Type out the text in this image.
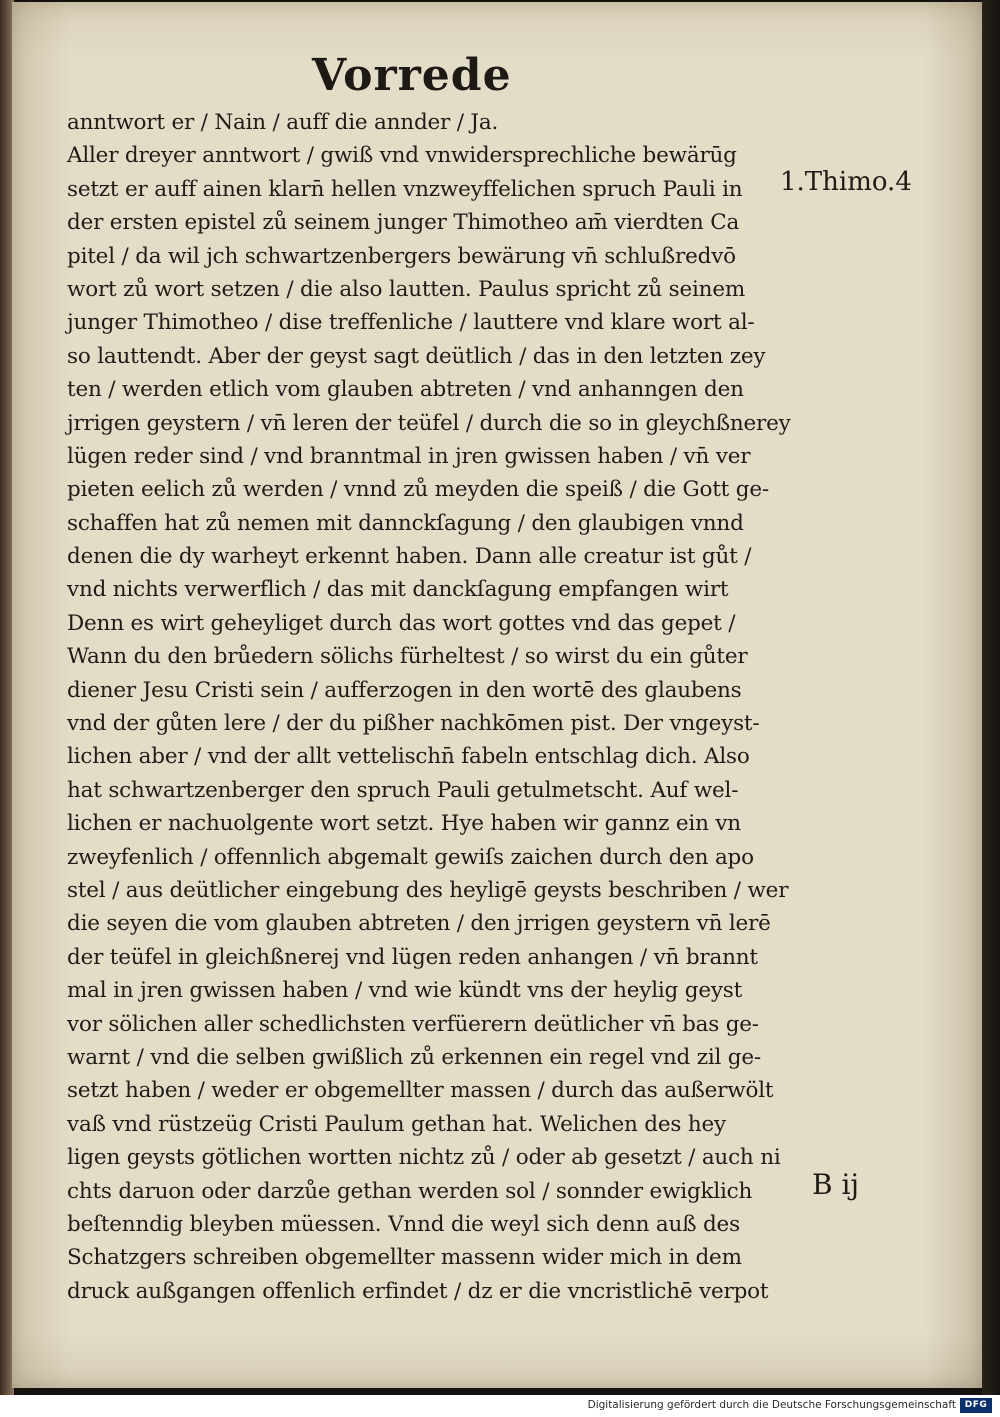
Vorrede
anntwort er / Nain / auff die annder / Ja.
Aller dreyer anntwort / gwiß vnd vnwidersprechliche bewärūg
setzt er auff ainen klarn̄ hellen vnzweyffelichen spruch Pauli in
der ersten epistel zů seinem junger Thimotheo am̄ vierdten Ca
pitel / da wil jch schwartzenbergers bewärung vn̄ schlußredvō
wort zů wort setzen / die also lautten. Paulus spricht zů seinem
junger Thimotheo / dise treffenliche / lauttere vnd klare wort al-
so lauttendt. Aber der geyst sagt deütlich / das in den letzten zey
ten / werden etlich vom glauben abtreten / vnd anhanngen den
jrrigen geystern / vn̄ leren der teüfel / durch die so in gleychßnerey
lügen reder sind / vnd branntmal in jren gwissen haben / vn̄ ver
pieten eelich zů werden / vnnd zů meyden die speiß / die Gott ge-
schaffen hat zů nemen mit dannckſagung / den glaubigen vnnd
denen die dy warheyt erkennt haben. Dann alle creatur ist gůt /
vnd nichts verwerflich / das mit danckſagung empfangen wirt
Denn es wirt geheyliget durch das wort gottes vnd das gepet /
Wann du den brůedern sölichs fürheltest / so wirst du ein gůter
diener Jesu Cristi sein / aufferzogen in den wortē des glaubens
vnd der gůten lere / der du pißher nachkōmen pist. Der vngeyst-
lichen aber / vnd der allt vettelischn̄ fabeln entschlag dich. Also
hat schwartzenberger den spruch Pauli getulmetscht. Auf wel-
lichen er nachuolgente wort setzt. Hye haben wir gannz ein vn
zweyfenlich / offennlich abgemalt gewiſs zaichen durch den apo
stel / aus deütlicher eingebung des heyligē geysts beschriben / wer
die seyen die vom glauben abtreten / den jrrigen geystern vn̄ lerē
der teüfel in gleichßnerej vnd lügen reden anhangen / vn̄ brannt
mal in jren gwissen haben / vnd wie kündt vns der heylig geyst
vor sölichen aller schedlichsten verfüerern deütlicher vn̄ bas ge-
warnt / vnd die selben gwißlich zů erkennen ein regel vnd zil ge-
setzt haben / weder er obgemellter massen / durch das außerwölt
vaß vnd rüstzeüg Cristi Paulum gethan hat. Welichen des hey
ligen geysts götlichen wortten nichtz zů / oder ab gesetzt / auch ni
chts daruon oder darzůe gethan werden sol / sonnder ewigklich
beſtenndig bleyben müessen. Vnnd die weyl sich denn auß des
Schatzgers schreiben obgemellter massenn wider mich in dem
druck außgangen offenlich erfindet / dz er die vncristlichē verpot
1.Thimo.4
B ij
Digitalisierung gefördert durch die Deutsche Forschungsgemeinschaft DFG
